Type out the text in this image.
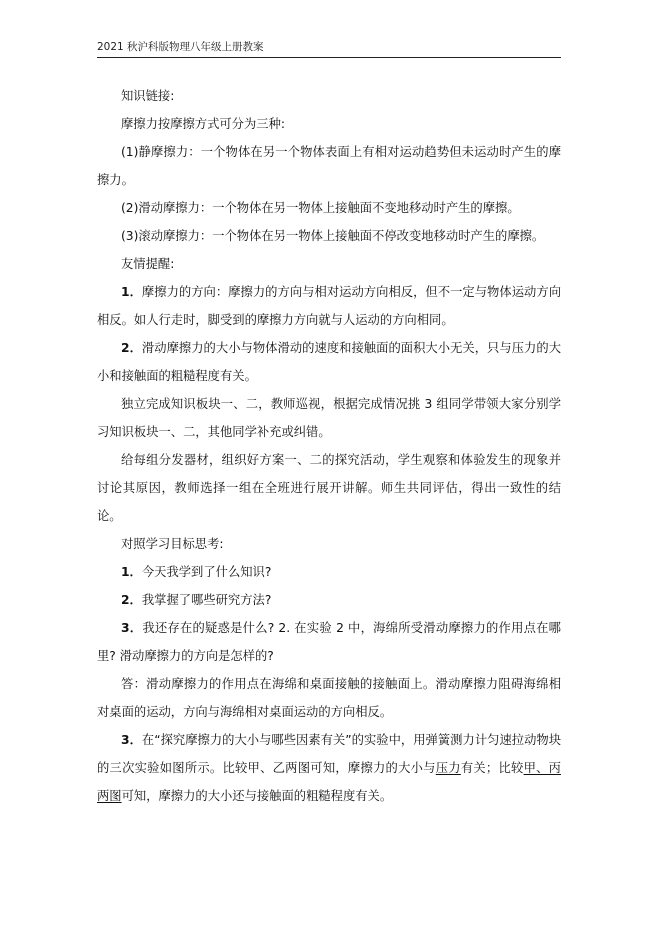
2021 秋沪科版物理八年级上册教案

知识链接:

摩擦力按摩擦方式可分为三种:

(1)静摩擦力：一个物体在另一个物体表面上有相对运动趋势但未运动时产生的摩擦力。

(2)滑动摩擦力：一个物体在另一物体上接触面不变地移动时产生的摩擦。

(3)滚动摩擦力：一个物体在另一物体上接触面不停改变地移动时产生的摩擦。

友情提醒:

1．摩擦力的方向：摩擦力的方向与相对运动方向相反，但不一定与物体运动方向相反。如人行走时，脚受到的摩擦力方向就与人运动的方向相同。

2．滑动摩擦力的大小与物体滑动的速度和接触面的面积大小无关，只与压力的大小和接触面的粗糙程度有关。

独立完成知识板块一、二，教师巡视，根据完成情况挑 3 组同学带领大家分别学习知识板块一、二，其他同学补充或纠错。

给每组分发器材，组织好方案一、二的探究活动，学生观察和体验发生的现象并讨论其原因，教师选择一组在全班进行展开讲解。师生共同评估，得出一致性的结论。

对照学习目标思考:

1．今天我学到了什么知识?

2．我掌握了哪些研究方法?

3．我还存在的疑惑是什么? 2. 在实验 2 中，海绵所受滑动摩擦力的作用点在哪里? 滑动摩擦力的方向是怎样的?

答：滑动摩擦力的作用点在海绵和桌面接触的接触面上。滑动摩擦力阻碍海绵相对桌面的运动，方向与海绵相对桌面运动的方向相反。

3．在“探究摩擦力的大小与哪些因素有关”的实验中，用弹簧测力计匀速拉动物块的三次实验如图所示。比较甲、乙两图可知，摩擦力的大小与压力有关；比较甲、丙两图可知，摩擦力的大小还与接触面的粗糙程度有关。
